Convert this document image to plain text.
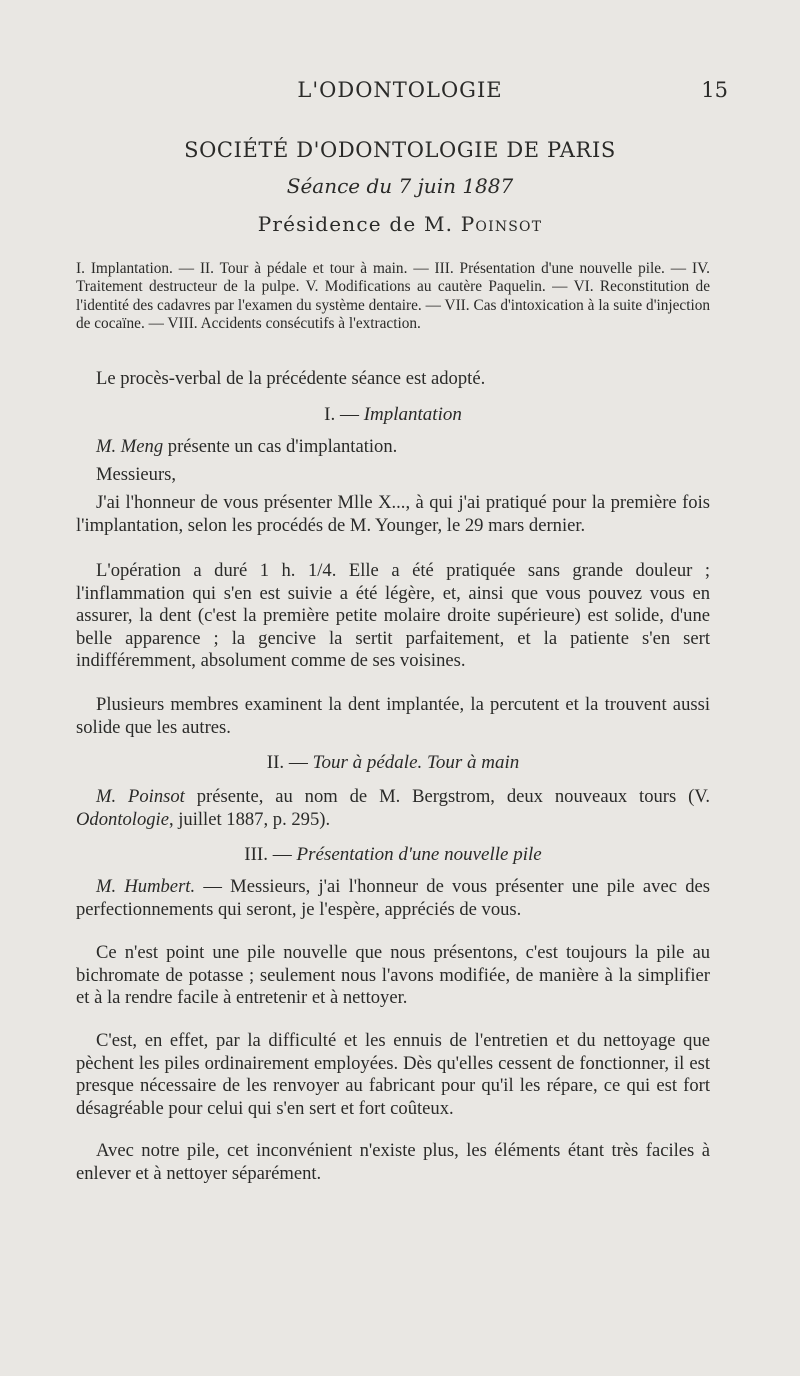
L'ODONTOLOGIE	15
SOCIÉTÉ D'ODONTOLOGIE DE PARIS
Séance du 7 juin 1887
Présidence de M. Poinsot
I. Implantation. — II. Tour à pédale et tour à main. — III. Présentation d'une nouvelle pile. — IV. Traitement destructeur de la pulpe. V. Modifications au cautère Paquelin. — VI. Reconstitution de l'identité des cadavres par l'examen du système dentaire. — VII. Cas d'intoxication à la suite d'injection de cocaïne. — VIII. Accidents consécutifs à l'extraction.

Le procès-verbal de la précédente séance est adopté.

I. — Implantation

M. Meng présente un cas d'implantation.

Messieurs,

J'ai l'honneur de vous présenter Mlle X..., à qui j'ai pratiqué pour la première fois l'implantation, selon les procédés de M. Younger, le 29 mars dernier.

L'opération a duré 1 h. 1/4. Elle a été pratiquée sans grande douleur ; l'inflammation qui s'en est suivie a été légère, et, ainsi que vous pouvez vous en assurer, la dent (c'est la première petite molaire droite supérieure) est solide, d'une belle apparence ; la gencive la sertit parfaitement, et la patiente s'en sert indifféremment, absolument comme de ses voisines.

Plusieurs membres examinent la dent implantée, la percutent et la trouvent aussi solide que les autres.

II. — Tour à pédale. Tour à main

M. Poinsot présente, au nom de M. Bergstrom, deux nouveaux tours (V. Odontologie, juillet 1887, p. 295).

III. — Présentation d'une nouvelle pile

M. Humbert. — Messieurs, j'ai l'honneur de vous présenter une pile avec des perfectionnements qui seront, je l'espère, appréciés de vous.

Ce n'est point une pile nouvelle que nous présentons, c'est toujours la pile au bichromate de potasse ; seulement nous l'avons modifiée, de manière à la simplifier et à la rendre facile à entretenir et à nettoyer.

C'est, en effet, par la difficulté et les ennuis de l'entretien et du nettoyage que pèchent les piles ordinairement employées. Dès qu'elles cessent de fonctionner, il est presque nécessaire de les renvoyer au fabricant pour qu'il les répare, ce qui est fort désagréable pour celui qui s'en sert et fort coûteux.

Avec notre pile, cet inconvénient n'existe plus, les éléments étant très faciles à enlever et à nettoyer séparément.
